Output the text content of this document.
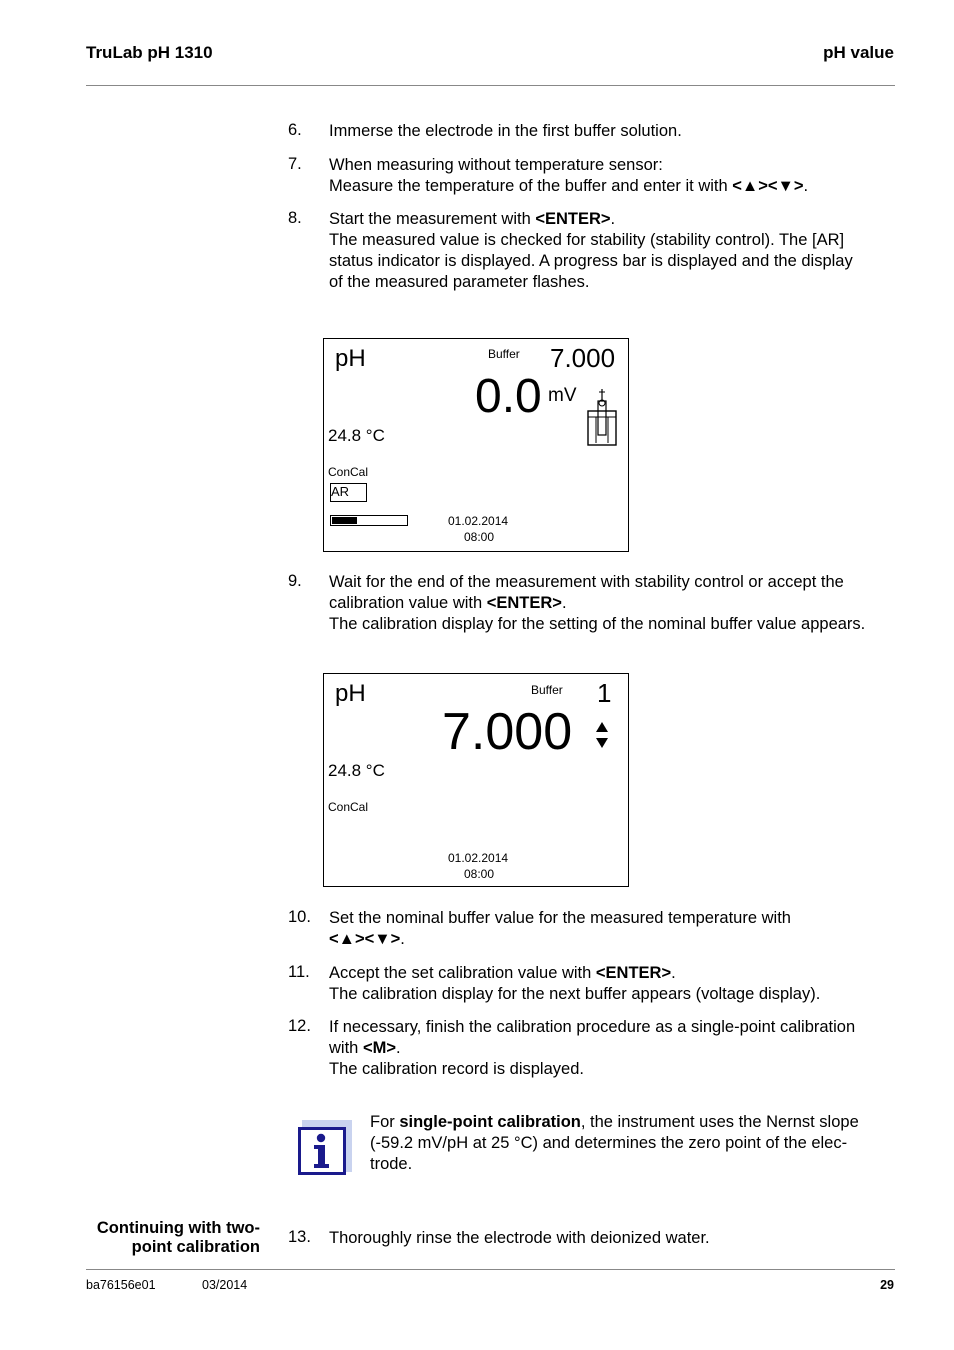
TruLab pH 1310	pH value
6. Immerse the electrode in the first buffer solution.

7. When measuring without temperature sensor:

Measure the temperature of the buffer and enter it with <▲><▼>.

8. Start the measurement with <ENTER>.

The measured value is checked for stability (stability control). The [AR]

status indicator is displayed. A progress bar is displayed and the display

of the measured parameter flashes.

pH	Buffer 7.000
0.0 mV
24.8 °C
ConCal
AR
01.02.2014
08:00
9. Wait for the end of the measurement with stability control or accept the

calibration value with <ENTER>.

The calibration display for the setting of the nominal buffer value appears.

pH	Buffer 1
7.000
24.8 °C
ConCal
01.02.2014
08:00
10. Set the nominal buffer value for the measured temperature with

<▲><▼>.

11. Accept the set calibration value with <ENTER>.

The calibration display for the next buffer appears (voltage display).

12. If necessary, finish the calibration procedure as a single-point calibration

with <M>.

The calibration record is displayed.

For single-point calibration, the instrument uses the Nernst slope

(-59.2 mV/pH at 25 °C) and determines the zero point of the elec-

trode.

Continuing with two-
point calibration
13. Thoroughly rinse the electrode with deionized water.
ba76156e01	03/2014	29
